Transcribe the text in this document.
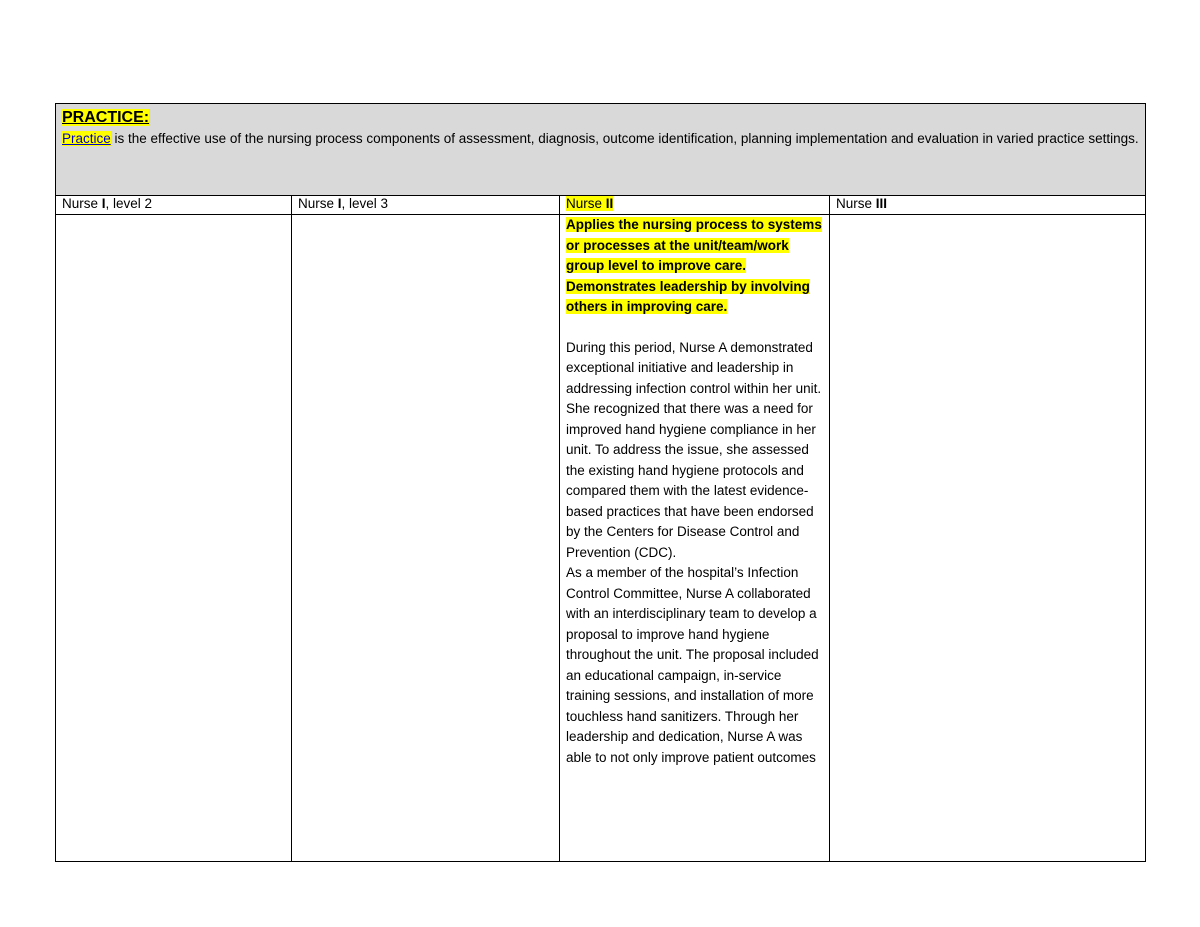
PRACTICE:

Practice is the effective use of the nursing process components of assessment, diagnosis, outcome identification, planning implementation and evaluation in varied practice settings.			

Nurse I, level 2	Nurse I, level 3	Nurse II	Nurse III

		Applies the nursing process to systems or processes at the unit/team/work group level to improve care. Demonstrates leadership by involving others in improving care.

During this period, Nurse A demonstrated exceptional initiative and leadership in addressing infection control within her unit. She recognized that there was a need for improved hand hygiene compliance in her unit. To address the issue, she assessed the existing hand hygiene protocols and compared them with the latest evidence-based practices that have been endorsed by the Centers for Disease Control and Prevention (CDC).

As a member of the hospital’s Infection Control Committee, Nurse A collaborated with an interdisciplinary team to develop a proposal to improve hand hygiene throughout the unit. The proposal included an educational campaign, in-service training sessions, and installation of more touchless hand sanitizers. Through her leadership and dedication, Nurse A was able to not only improve patient outcomes	
